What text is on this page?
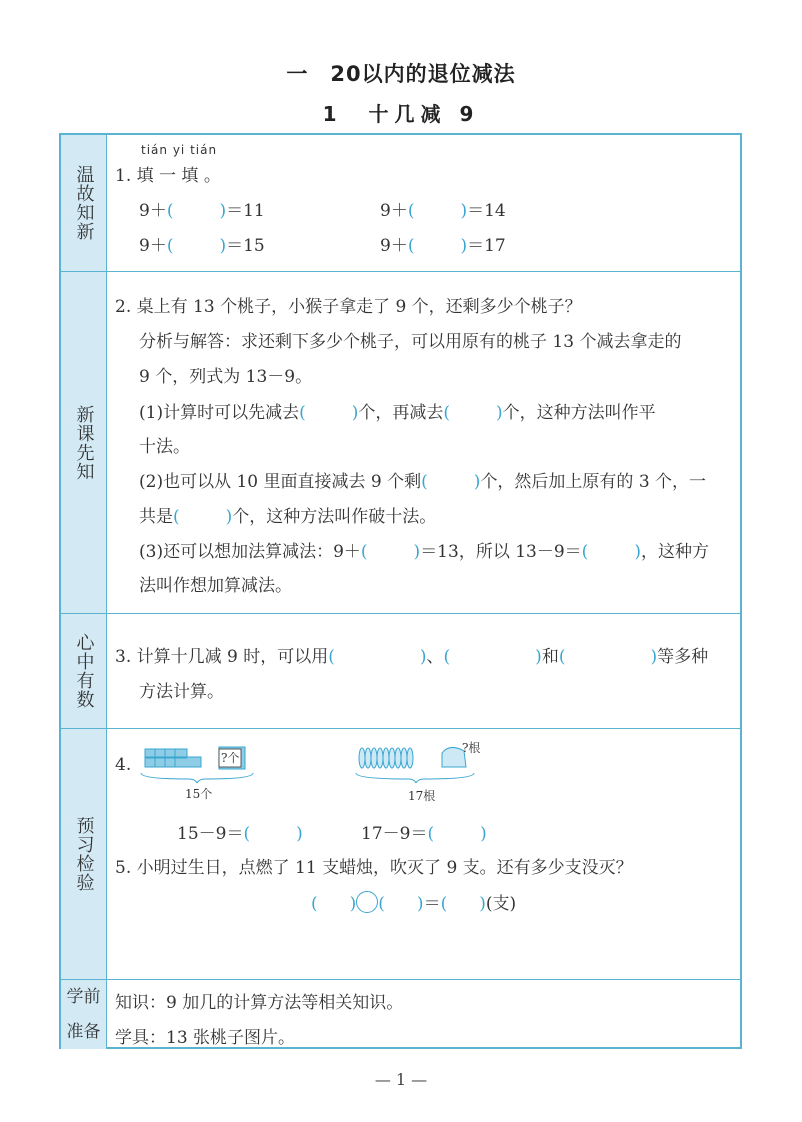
一　20以内的退位减法
1　十几减 9
温故知新
tián yi tián
1. 填 一 填 。
9＋ (  )	＝11	9＋ (  )	＝14
9＋ (  )	＝15	9＋ (  )	＝17
新课先知
2. 桌上有 13 个桃子，小猴子拿走了 9 个，还剩多少个桃子？
分析与解答：求还剩下多少个桃子，可以用原有的桃子 13 个减去拿走的
9 个，列式为 13－9。
(1)计算时可以先减去 (  )	个，再减去 (  )	个，这种方法叫作平
十法。
(2)也可以从 10 里面直接减去 9 个剩 (  )	个，然后加上原有的 3 个，一
共是 (  )	个，这种方法叫作破十法。
(3)还可以想加法算减法：9＋ (  )	＝13，所以 13－9＝ (  )	，这种方
法叫作想加算减法。
心中有数 3. 计算十几减 9 时，可以用 (  )	、 (  )	和 (  )	等多种
方法计算。
预习检验
4.	?个
15个
?根
17根
15－9＝ (  )	17－9＝(  )
5. 小明过生日，点燃了 11 支蜡烛，吹灭了 9 支。还有多少支没灭？
(  )(  )＝ (  )	(支)
学前准备
知识：9 加几的计算方法等相关知识。
学具：13 张桃子图片。
— 1 —
